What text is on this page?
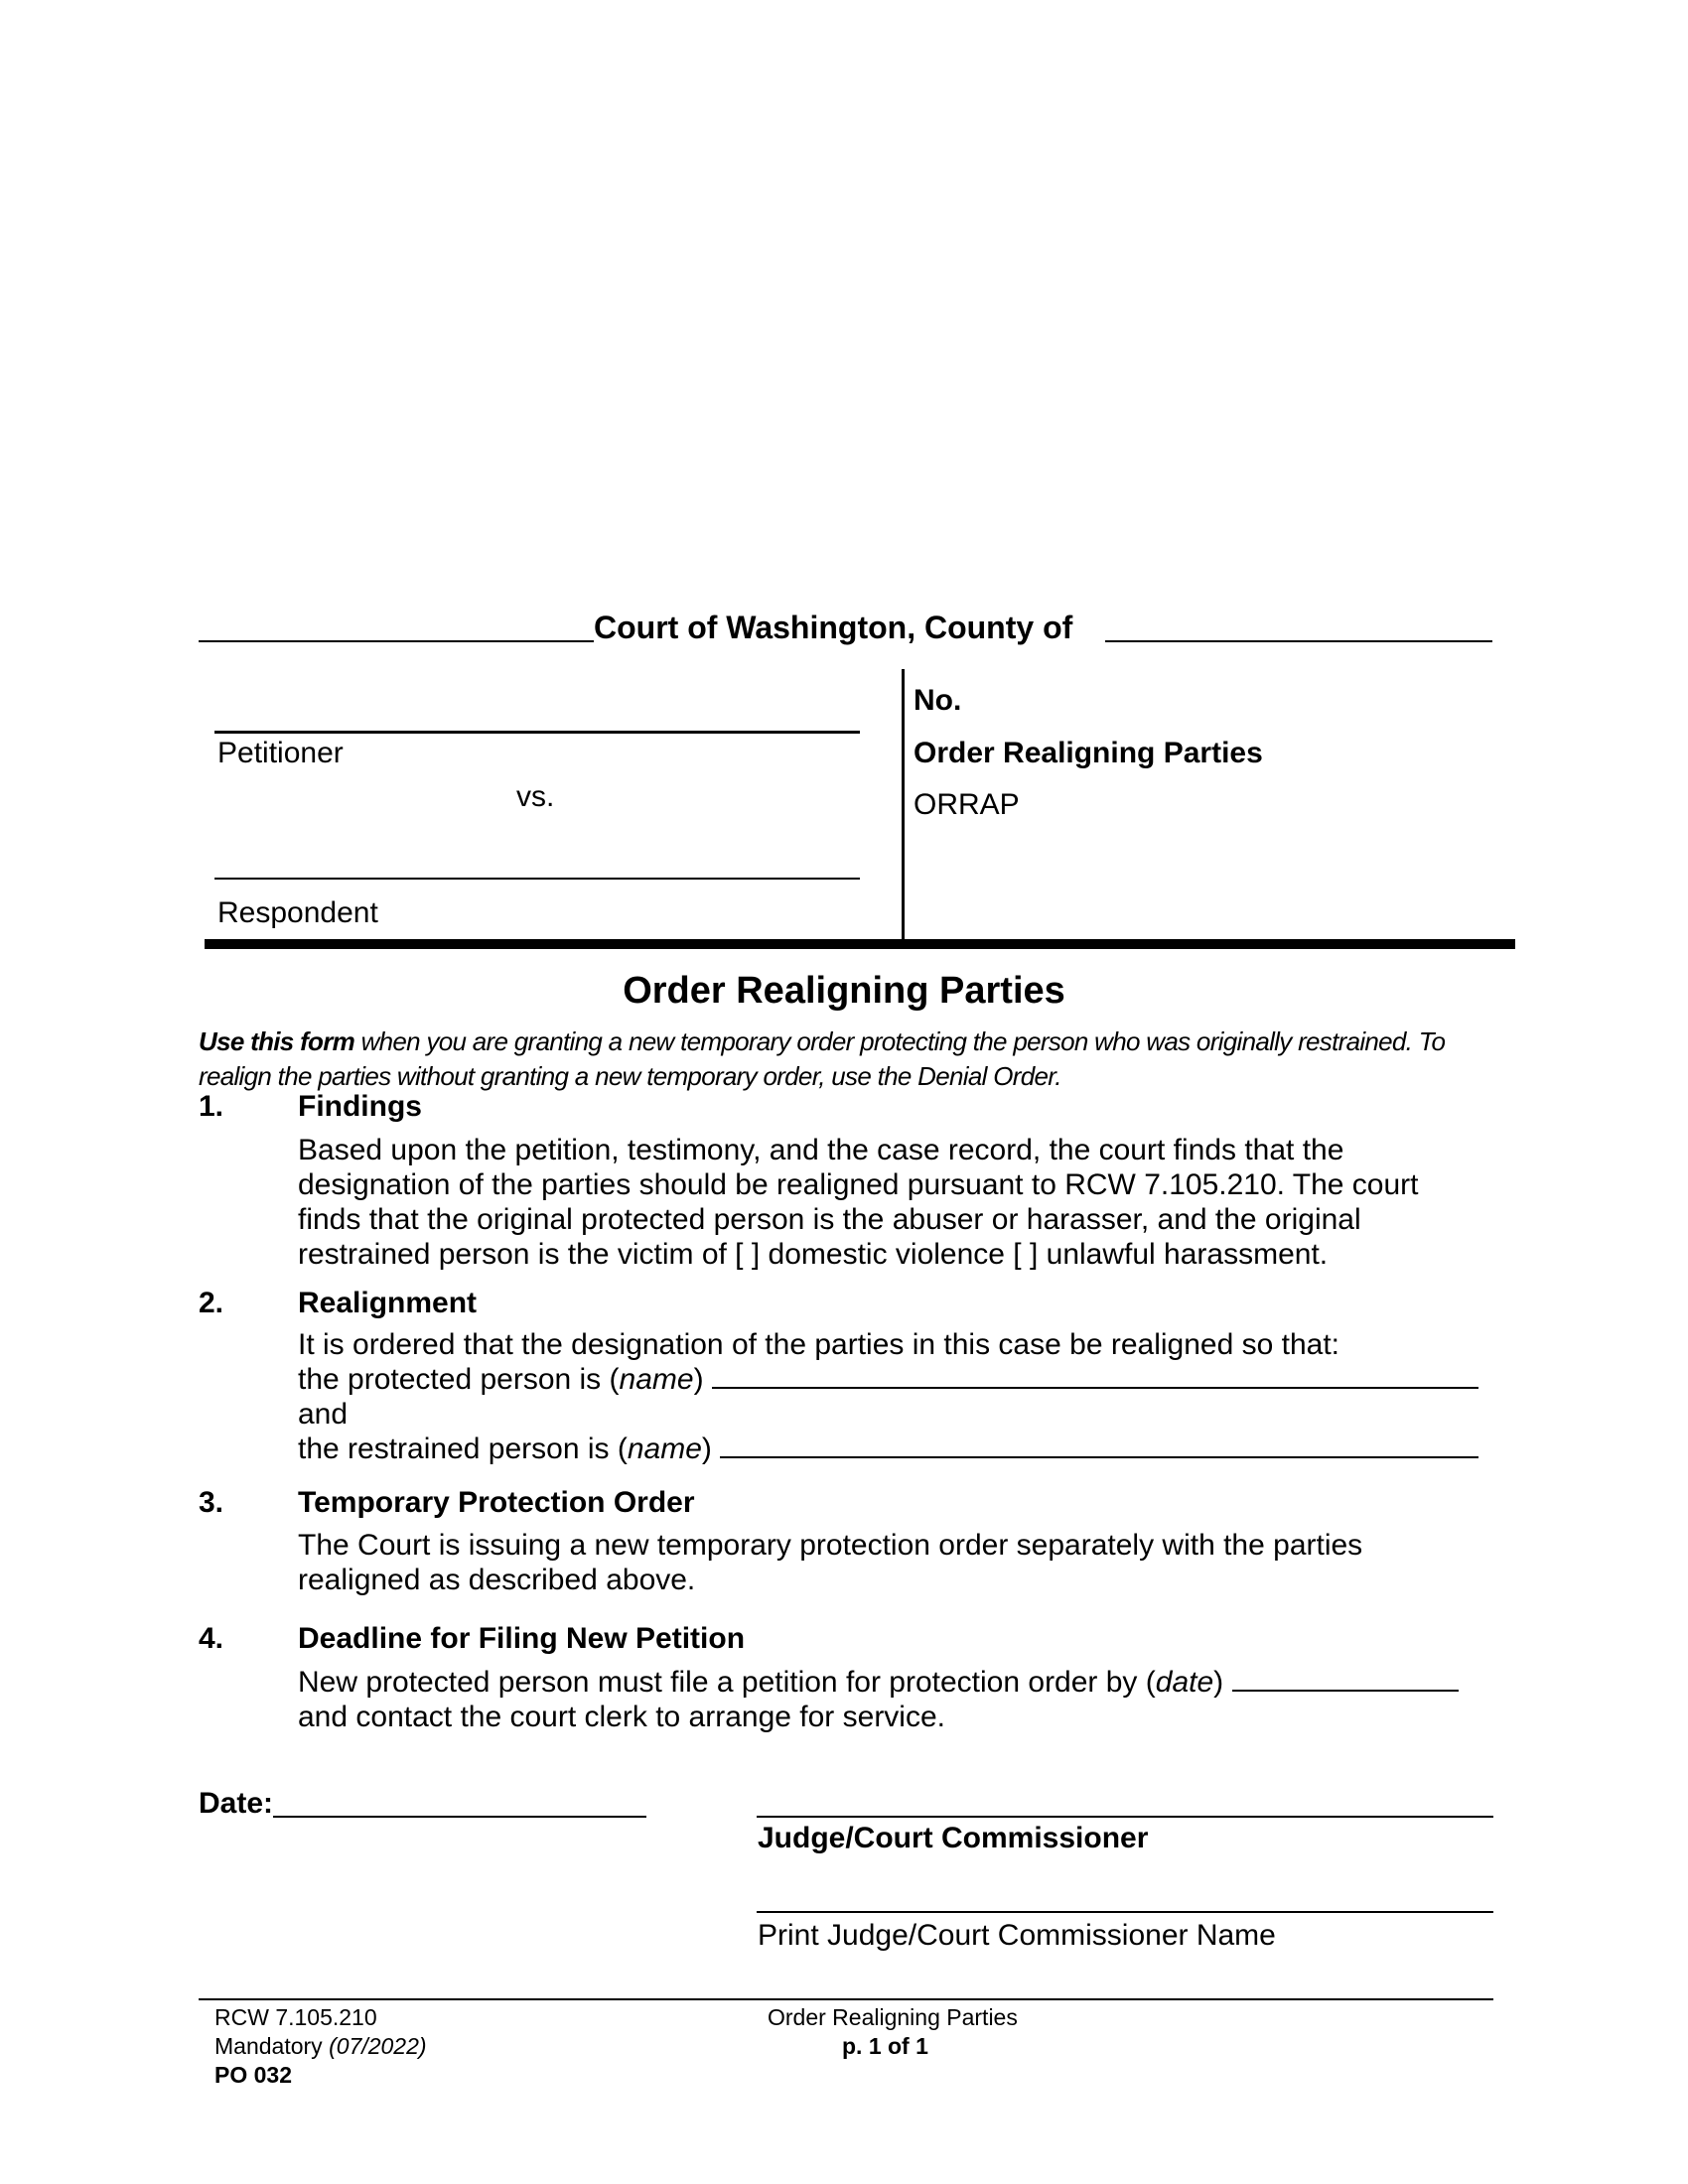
Court of Washington, County of
Petitioner
vs.
Respondent
No.
Order Realigning Parties
ORRAP
Order Realigning Parties
Use this form when you are granting a new temporary order protecting the person who was originally restrained. To realign the parties without granting a new temporary order, use the Denial Order.
1. Findings
Based upon the petition, testimony, and the case record, the court finds that the
designation of the parties should be realigned pursuant to RCW 7.105.210. The court
finds that the original protected person is the abuser or harasser, and the original
restrained person is the victim of [ ] domestic violence [ ] unlawful harassment.
2. Realignment
It is ordered that the designation of the parties in this case be realigned so that:
the protected person is (name)
and
the restrained person is (name)
3. Temporary Protection Order
The Court is issuing a new temporary protection order separately with the parties
realigned as described above.
4. Deadline for Filing New Petition
New protected person must file a petition for protection order by (date)
and contact the court clerk to arrange for service.
Date:
Judge/Court Commissioner
Print Judge/Court Commissioner Name
RCW 7.105.210
Mandatory (07/2022)
PO 032
Order Realigning Parties
p. 1 of 1
